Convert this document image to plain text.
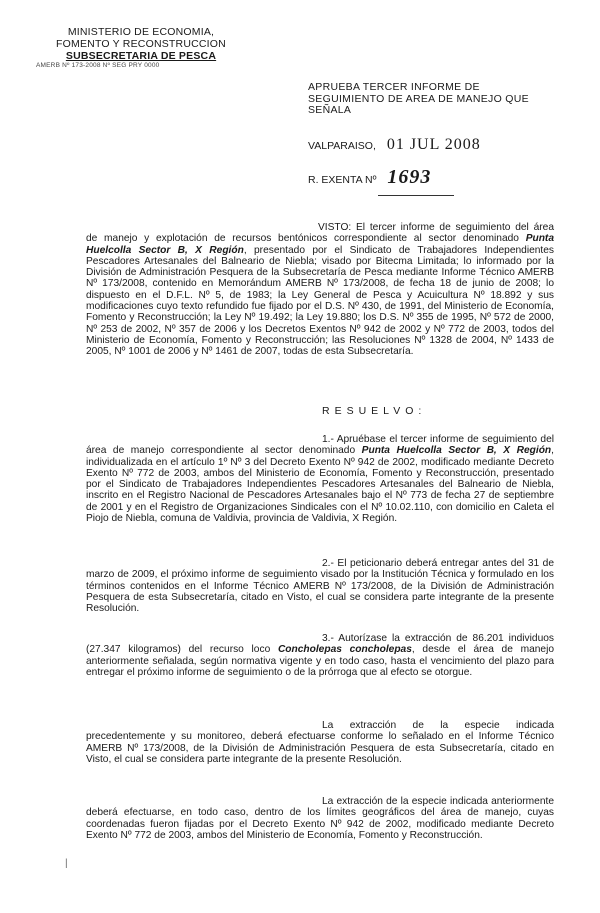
MINISTERIO DE ECONOMIA,
FOMENTO Y RECONSTRUCCION
SUBSECRETARIA DE PESCA
AMERB Nº 173-2008 Nº SEG PRY 0000
APRUEBA TERCER INFORME DE SEGUIMIENTO DE AREA DE MANEJO QUE SEÑALA
VALPARAISO, 01 JUL 2008
R. EXENTA Nº 1693
VISTO: El tercer informe de seguimiento del área de manejo y explotación de recursos bentónicos correspondiente al sector denominado Punta Huelcolla Sector B, X Región, presentado por el Sindicato de Trabajadores Independientes Pescadores Artesanales del Balneario de Niebla; visado por Bitecma Limitada; lo informado por la División de Administración Pesquera de la Subsecretaría de Pesca mediante Informe Técnico AMERB Nº 173/2008, contenido en Memorándum AMERB Nº 173/2008, de fecha 18 de junio de 2008; lo dispuesto en el D.F.L. Nº 5, de 1983; la Ley General de Pesca y Acuicultura Nº 18.892 y sus modificaciones cuyo texto refundido fue fijado por el D.S. Nº 430, de 1991, del Ministerio de Economía, Fomento y Reconstrucción; la Ley Nº 19.492; la Ley 19.880; los D.S. Nº 355 de 1995, Nº 572 de 2000, Nº 253 de 2002, Nº 357 de 2006 y los Decretos Exentos Nº 942 de 2002 y Nº 772 de 2003, todos del Ministerio de Economía, Fomento y Reconstrucción; las Resoluciones Nº 1328 de 2004, Nº 1433 de 2005, Nº 1001 de 2006 y Nº 1461 de 2007, todas de esta Subsecretaría.
RESUELVO:
1.- Apruébase el tercer informe de seguimiento del área de manejo correspondiente al sector denominado Punta Huelcolla Sector B, X Región, individualizada en el artículo 1º Nº 3 del Decreto Exento Nº 942 de 2002, modificado mediante Decreto Exento Nº 772 de 2003, ambos del Ministerio de Economía, Fomento y Reconstrucción, presentado por el Sindicato de Trabajadores Independientes Pescadores Artesanales del Balneario de Niebla, inscrito en el Registro Nacional de Pescadores Artesanales bajo el Nº 773 de fecha 27 de septiembre de 2001 y en el Registro de Organizaciones Sindicales con el Nº 10.02.110, con domicilio en Caleta el Piojo de Niebla, comuna de Valdivia, provincia de Valdivia, X Región.
2.- El peticionario deberá entregar antes del 31 de marzo de 2009, el próximo informe de seguimiento visado por la Institución Técnica y formulado en los términos contenidos en el Informe Técnico AMERB Nº 173/2008, de la División de Administración Pesquera de esta Subsecretaría, citado en Visto, el cual se considera parte integrante de la presente Resolución.
3.- Autorízase la extracción de 86.201 individuos (27.347 kilogramos) del recurso loco Concholepas concholepas, desde el área de manejo anteriormente señalada, según normativa vigente y en todo caso, hasta el vencimiento del plazo para entregar el próximo informe de seguimiento o de la prórroga que al efecto se otorgue.
La extracción de la especie indicada precedentemente y su monitoreo, deberá efectuarse conforme lo señalado en el Informe Técnico AMERB Nº 173/2008, de la División de Administración Pesquera de esta Subsecretaría, citado en Visto, el cual se considera parte integrante de la presente Resolución.
La extracción de la especie indicada anteriormente deberá efectuarse, en todo caso, dentro de los límites geográficos del área de manejo, cuyas coordenadas fueron fijadas por el Decreto Exento Nº 942 de 2002, modificado mediante Decreto Exento Nº 772 de 2003, ambos del Ministerio de Economía, Fomento y Reconstrucción.
|
